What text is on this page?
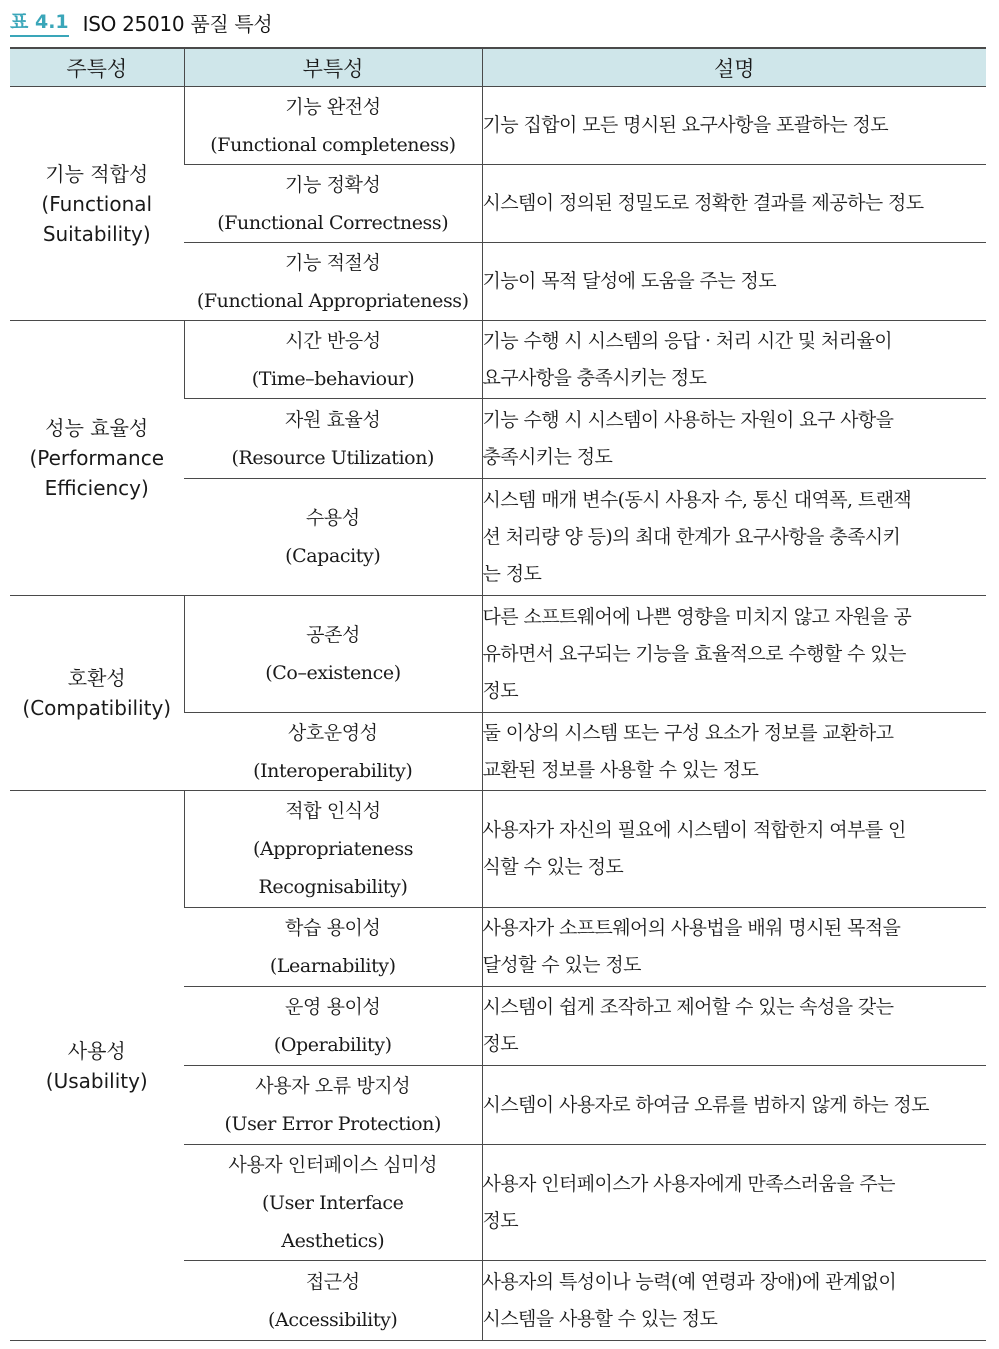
표 4.1 ISO 25010 품질 특성
주특성	부특성	설명

기능 적합성
(Functional
Suitability)	기능 완전성
(Functional completeness)	기능 집합이 모든 명시된 요구사항을 포괄하는 정도

	기능 정확성
(Functional Correctness)	시스템이 정의된 정밀도로 정확한 결과를 제공하는 정도

	기능 적절성
(Functional Appropriateness)	기능이 목적 달성에 도움을 주는 정도

성능 효율성
(Performance
Efficiency)	시간 반응성
(Time–behaviour)	기능 수행 시 시스템의 응답 · 처리 시간 및 처리율이
요구사항을 충족시키는 정도

	자원 효율성
(Resource Utilization)	기능 수행 시 시스템이 사용하는 자원이 요구 사항을
충족시키는 정도

	수용성
(Capacity)	시스템 매개 변수(동시 사용자 수, 통신 대역폭, 트랜잭
션 처리량 양 등)의 최대 한계가 요구사항을 충족시키
는 정도

호환성
(Compatibility)	공존성
(Co–existence)	다른 소프트웨어에 나쁜 영향을 미치지 않고 자원을 공
유하면서 요구되는 기능을 효율적으로 수행할 수 있는
정도

	상호운영성
(Interoperability)	둘 이상의 시스템 또는 구성 요소가 정보를 교환하고
교환된 정보를 사용할 수 있는 정도

사용성
(Usability)	적합 인식성
(Appropriateness
Recognisability)	사용자가 자신의 필요에 시스템이 적합한지 여부를 인
식할 수 있는 정도

	학습 용이성
(Learnability)	사용자가 소프트웨어의 사용법을 배워 명시된 목적을
달성할 수 있는 정도

	운영 용이성
(Operability)	시스템이 쉽게 조작하고 제어할 수 있는 속성을 갖는
정도

	사용자 오류 방지성
(User Error Protection)	시스템이 사용자로 하여금 오류를 범하지 않게 하는 정도

	사용자 인터페이스 심미성
(User Interface
Aesthetics)	사용자 인터페이스가 사용자에게 만족스러움을 주는
정도

	접근성
(Accessibility)	사용자의 특성이나 능력(예 연령과 장애)에 관계없이
시스템을 사용할 수 있는 정도
